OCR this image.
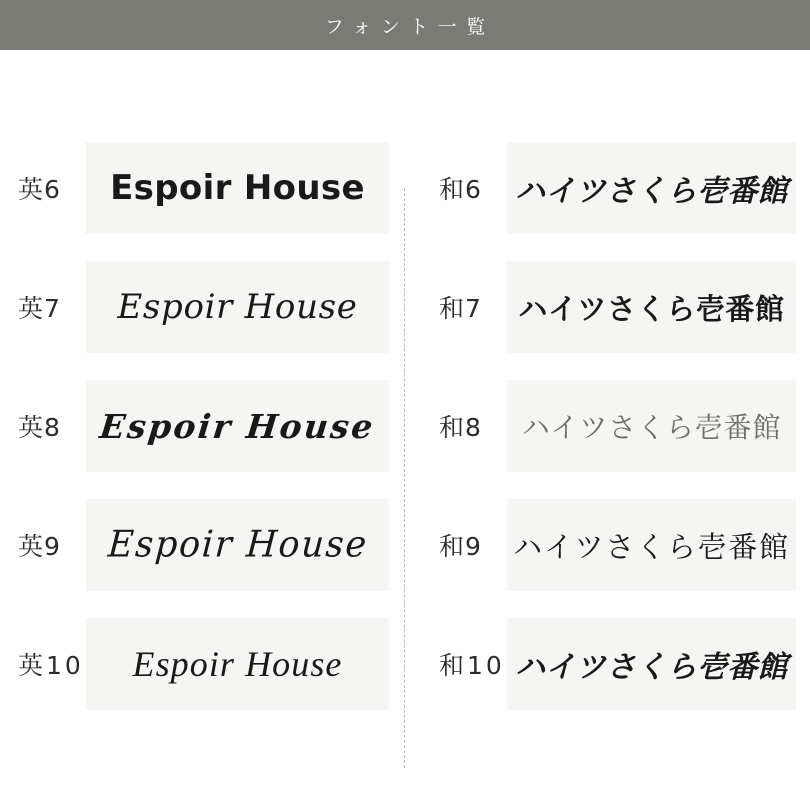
フォント一覧
英6	Espoir House
英7	Espoir House
英8	Espoir House
英9	Espoir House
英10 Espoir House
和6	ハイツさくら壱番館
和7	ハイツさくら壱番館
和8	ハイツさくら壱番館
和9	ハイツさくら壱番館
和10 ハイツさくら壱番館
